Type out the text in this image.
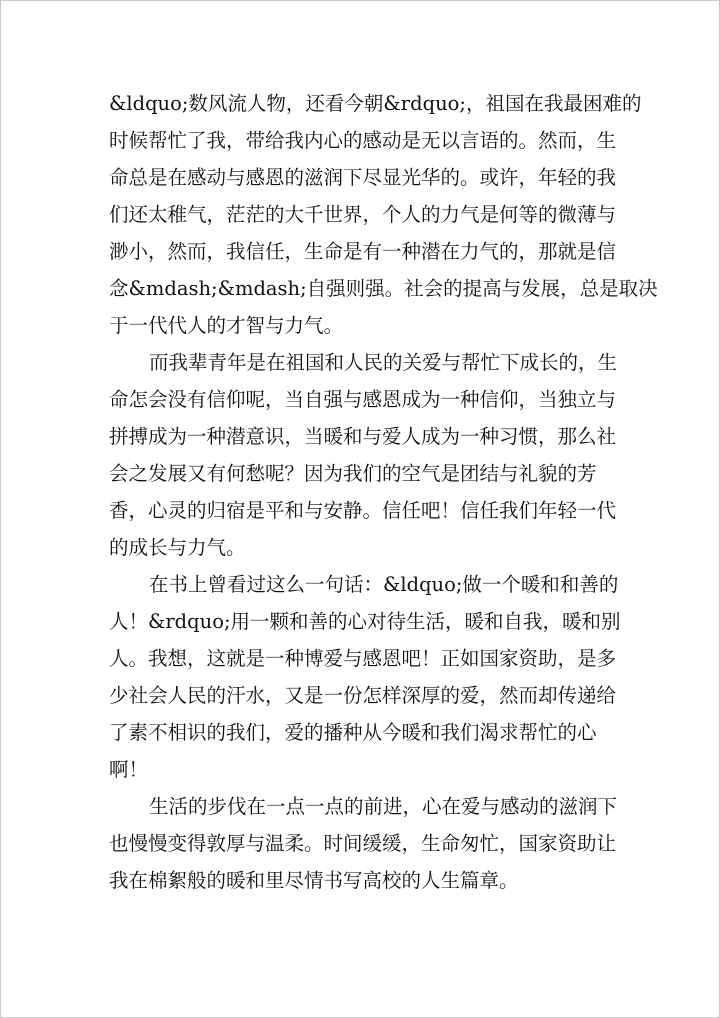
&ldquo;数风流人物，还看今朝&rdquo;，祖国在我最困难的
时候帮忙了我，带给我内心的感动是无以言语的。然而，生
命总是在感动与感恩的滋润下尽显光华的。或许，年轻的我
们还太稚气，茫茫的大千世界，个人的力气是何等的微薄与
渺小，然而，我信任，生命是有一种潜在力气的，那就是信
念&mdash;&mdash;自强则强。社会的提高与发展，总是取决
于一代代人的才智与力气。
而我辈青年是在祖国和人民的关爱与帮忙下成长的，生
命怎会没有信仰呢，当自强与感恩成为一种信仰，当独立与
拼搏成为一种潜意识，当暖和与爱人成为一种习惯，那么社
会之发展又有何愁呢？因为我们的空气是团结与礼貌的芳
香，心灵的归宿是平和与安静。信任吧！信任我们年轻一代
的成长与力气。
在书上曾看过这么一句话：&ldquo;做一个暖和和善的
人！&rdquo;用一颗和善的心对待生活，暖和自我，暖和别
人。我想，这就是一种博爱与感恩吧！正如国家资助，是多
少社会人民的汗水，又是一份怎样深厚的爱，然而却传递给
了素不相识的我们，爱的播种从今暖和我们渴求帮忙的心
啊！
生活的步伐在一点一点的前进，心在爱与感动的滋润下
也慢慢变得敦厚与温柔。时间缓缓，生命匆忙，国家资助让
我在棉絮般的暖和里尽情书写高校的人生篇章。
